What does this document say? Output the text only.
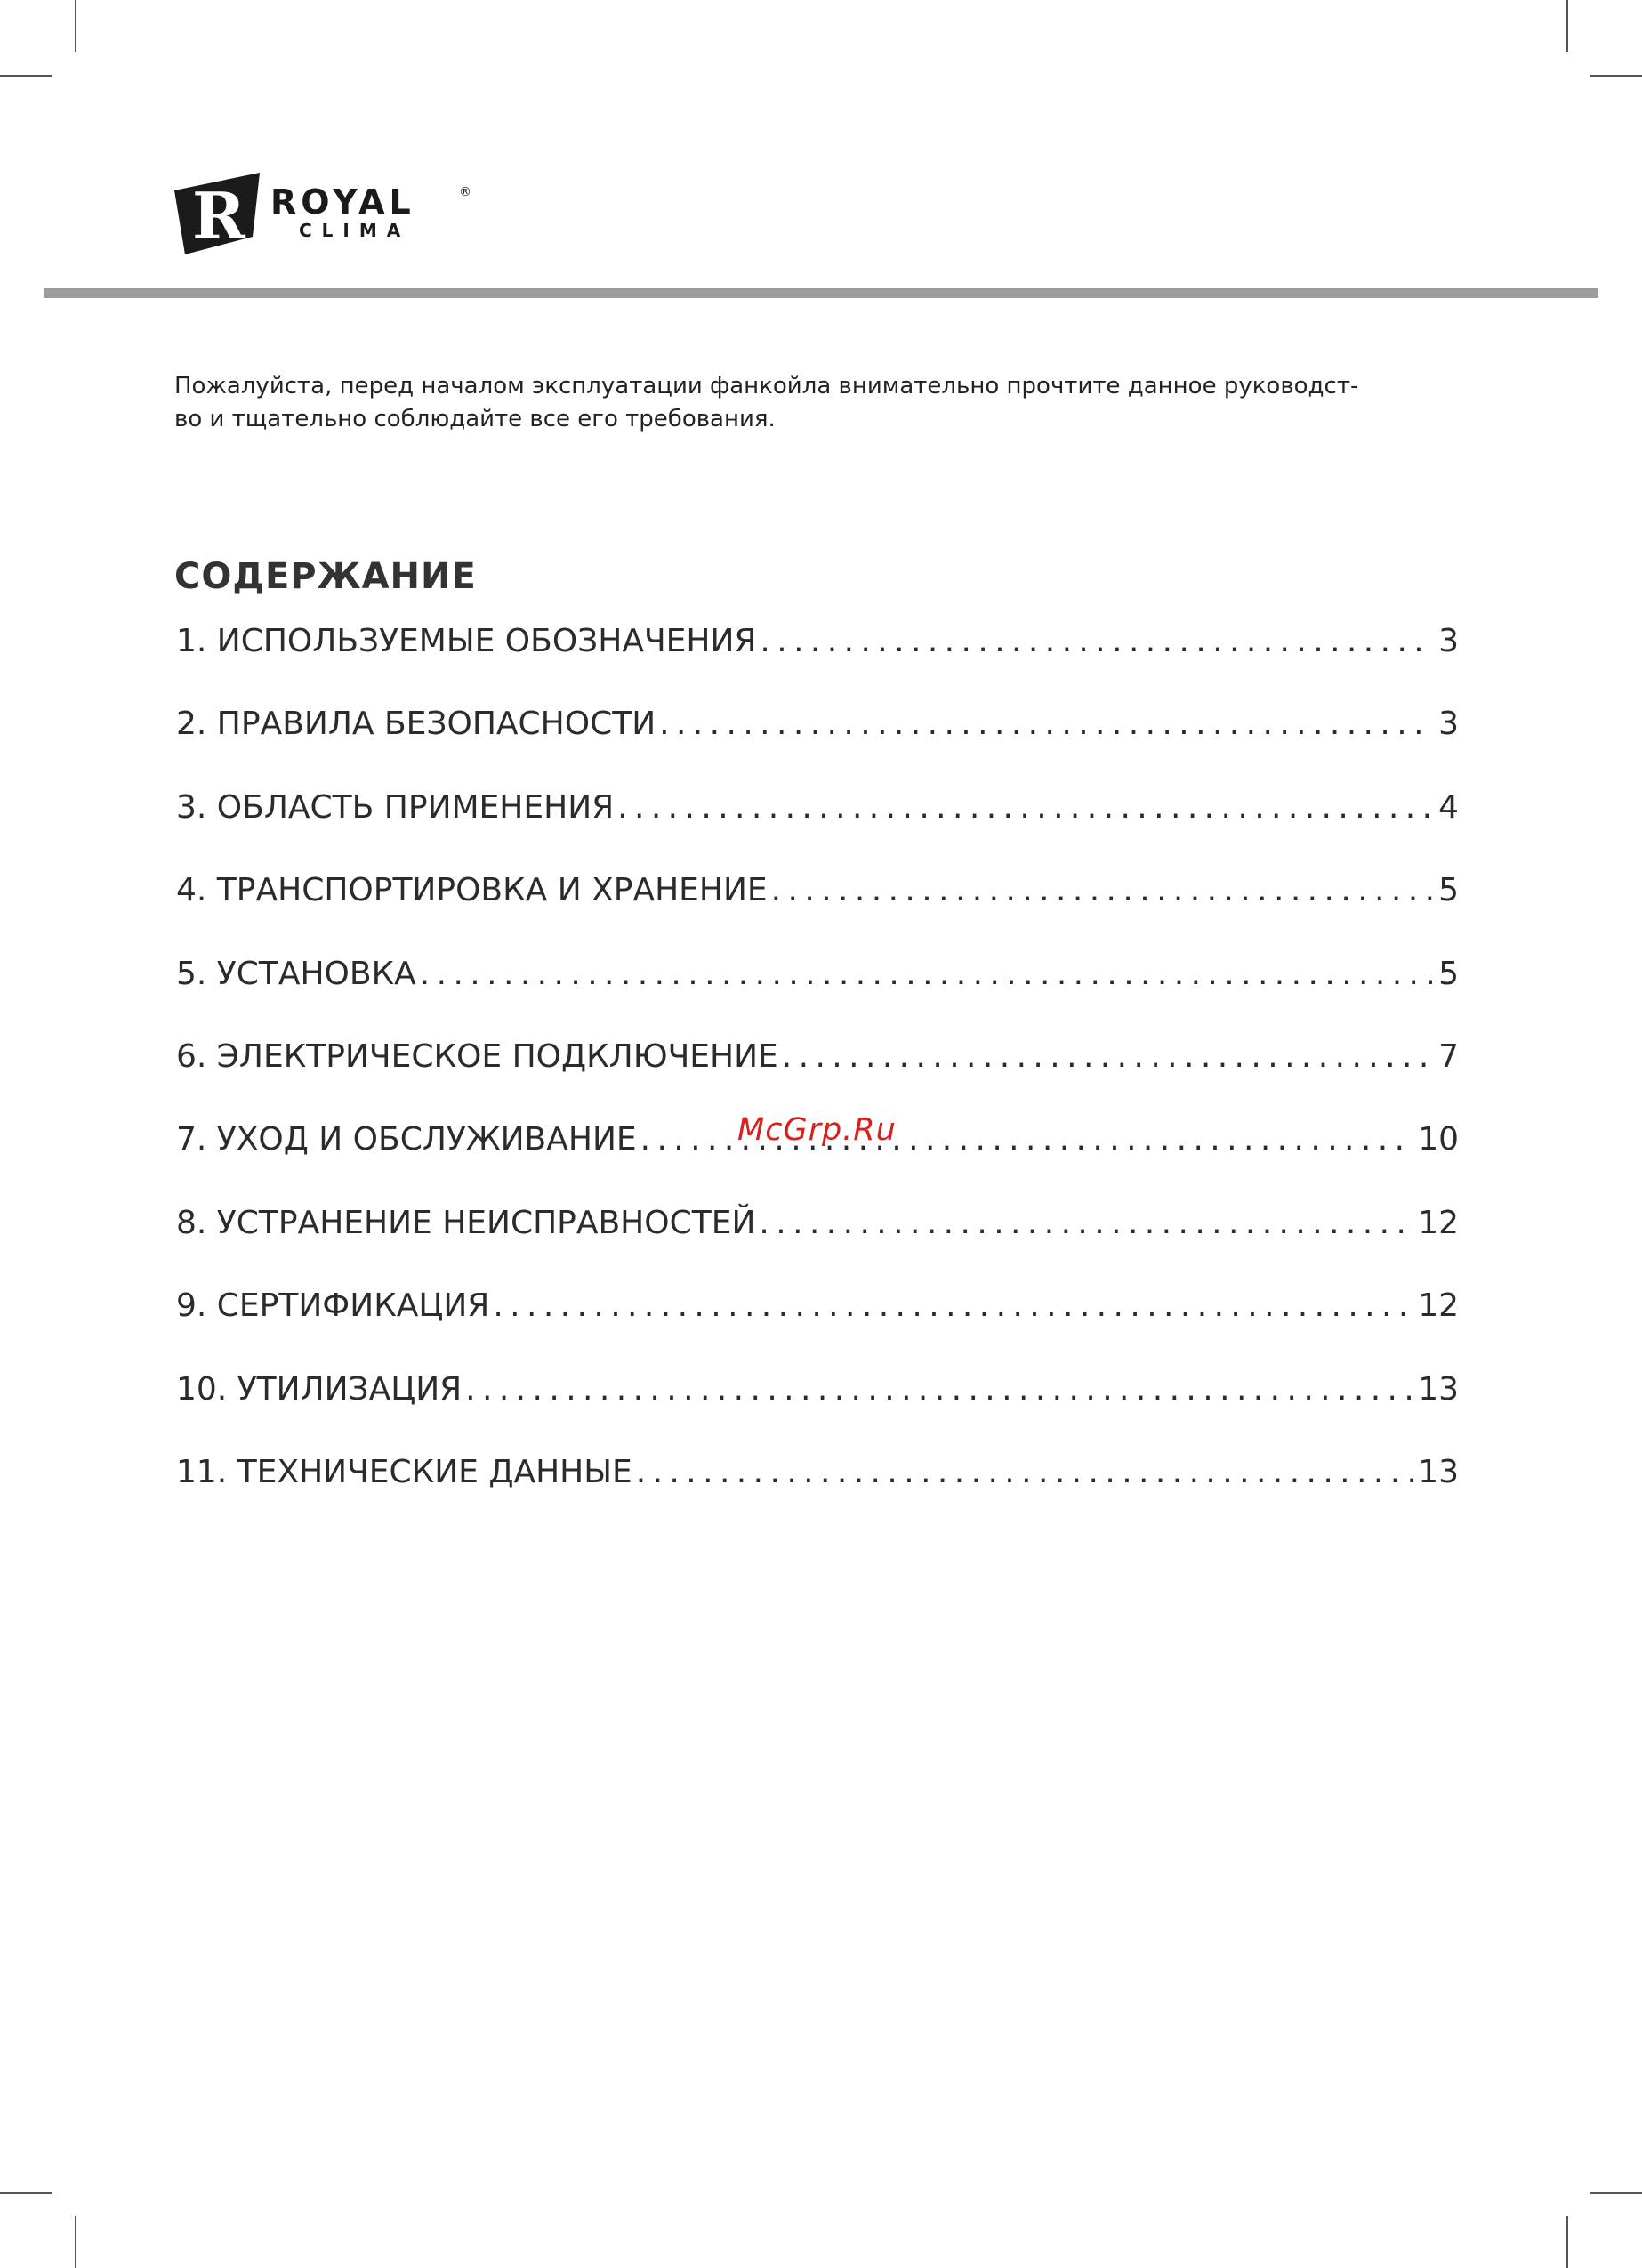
R ROYAL	®
CLIMA
Пожалуйста, перед началом эксплуатации фанкойла внимательно прочтите данное руководст-
во и тщательно соблюдайте все его требования.
СОДЕРЖАНИЕ
1. ИСПОЛЬЗУЕМЫЕ ОБОЗНАЧЕНИЯ .....	3
2. ПРАВИЛА БЕЗОПАСНОСТИ .....	3
3. ОБЛАСТЬ ПРИМЕНЕНИЯ .....	4
4. ТРАНСПОРТИРОВКА И ХРАНЕНИЕ .....	5
5. УСТАНОВКА .....	5
6. ЭЛЕКТРИЧЕСКОЕ ПОДКЛЮЧЕНИЕ .....	7
7. УХОД И ОБСЛУЖИВАНИЕ .....	10
8. УСТРАНЕНИЕ НЕИСПРАВНОСТЕЙ .....	12
9. СЕРТИФИКАЦИЯ .....	12
10. УТИЛИЗАЦИЯ .....	13
11. ТЕХНИЧЕСКИЕ ДАННЫЕ .....	13
McGrp.Ru
